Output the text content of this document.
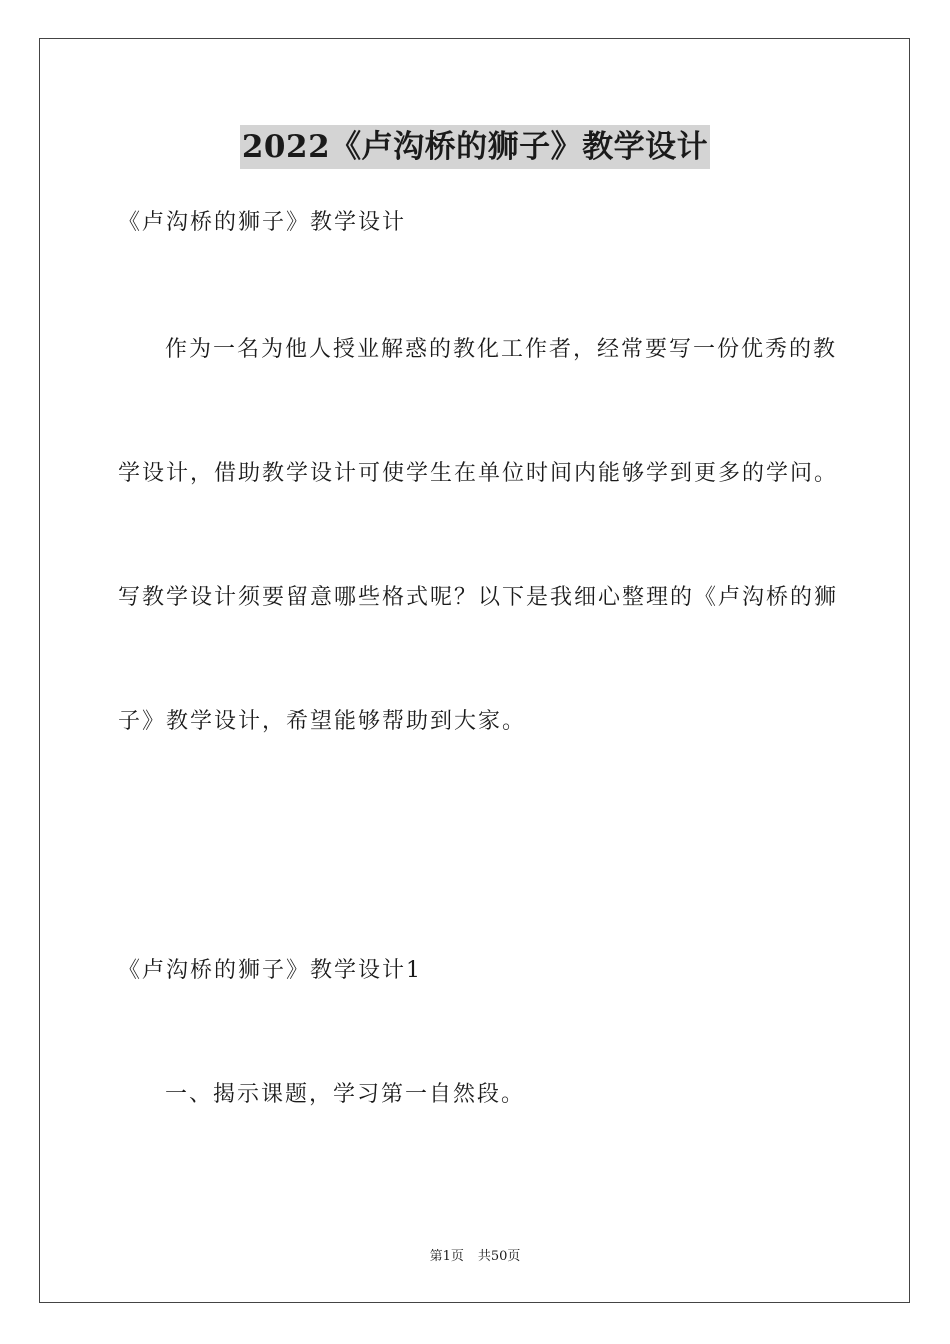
2022《卢沟桥的狮子》教学设计
《卢沟桥的狮子》教学设计
作为一名为他人授业解惑的教化工作者，经常要写一份优秀的教
学设计，借助教学设计可使学生在单位时间内能够学到更多的学问。
写教学设计须要留意哪些格式呢？以下是我细心整理的《卢沟桥的狮
子》教学设计，希望能够帮助到大家。
《卢沟桥的狮子》教学设计1
一、揭示课题，学习第一自然段。
第1页 共50页
